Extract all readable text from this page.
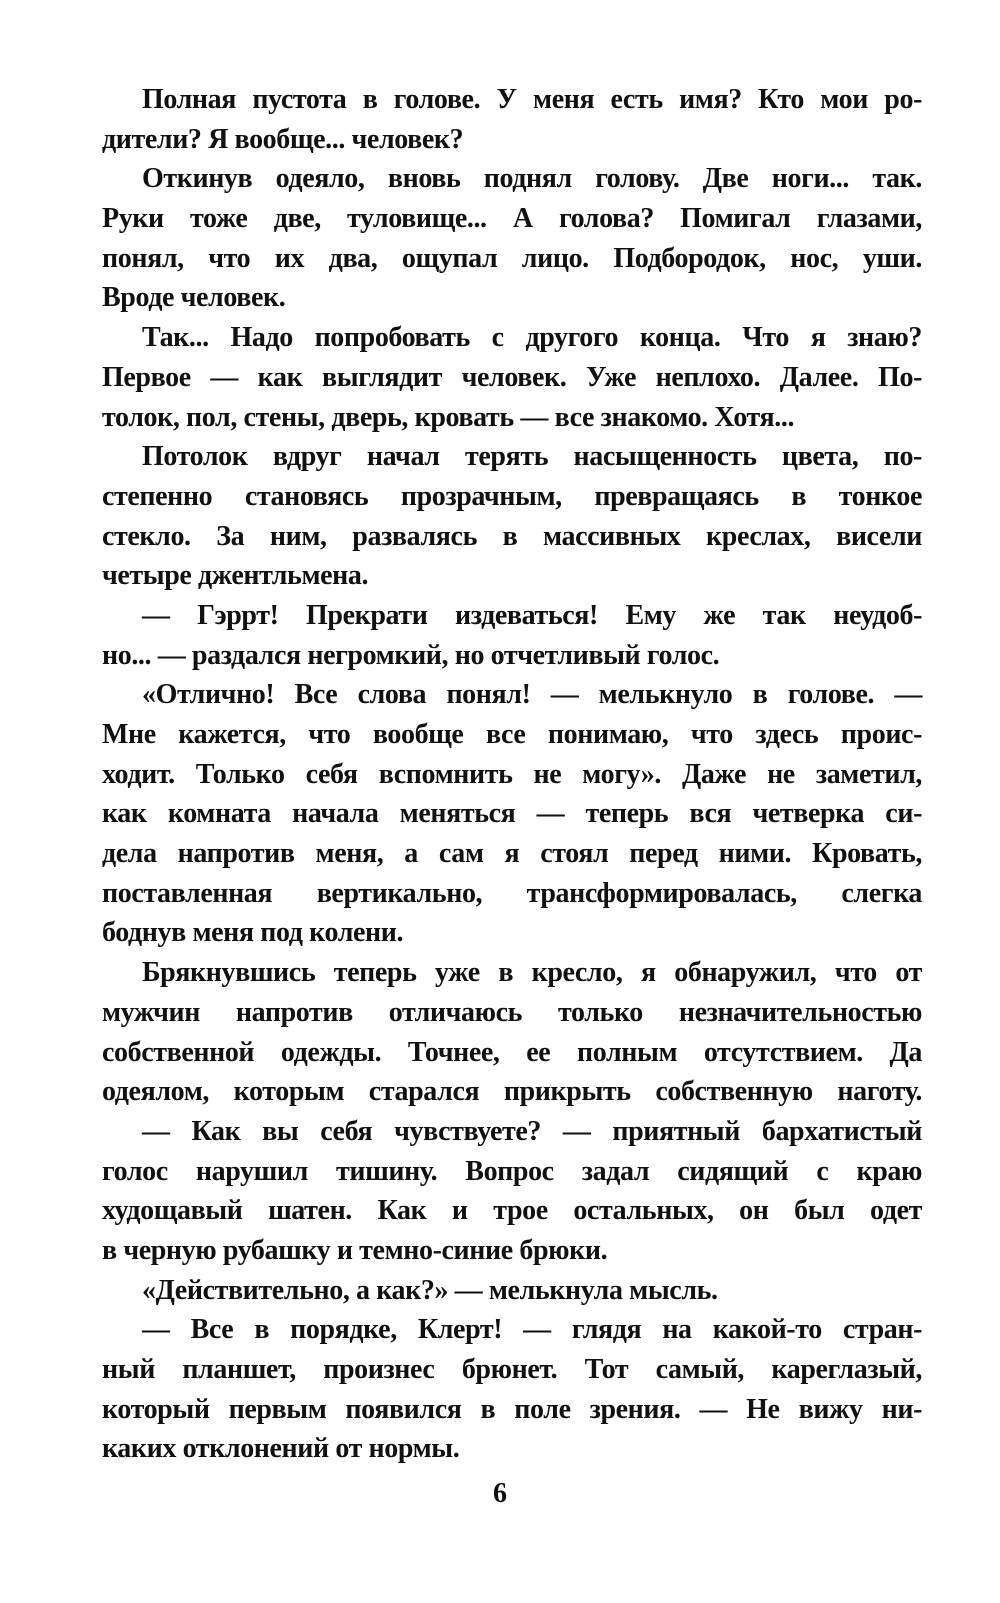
Полная пустота в голове. У меня есть имя? Кто мои ро-
дители? Я вообще... человек?
Откинув одеяло, вновь поднял голову. Две ноги... так.
Руки тоже две, туловище... А голова? Помигал глазами,
понял, что их два, ощупал лицо. Подбородок, нос, уши.
Вроде человек.
Так... Надо попробовать с другого конца. Что я знаю?
Первое — как выглядит человек. Уже неплохо. Далее. По-
толок, пол, стены, дверь, кровать — все знакомо. Хотя...
Потолок вдруг начал терять насыщенность цвета, по-
степенно становясь прозрачным, превращаясь в тонкое
стекло. За ним, развалясь в массивных креслах, висели
четыре джентльмена.
— Гэррт! Прекрати издеваться! Ему же так неудоб-
но... — раздался негромкий, но отчетливый голос.
«Отлично! Все слова понял! — мелькнуло в голове. —
Мне кажется, что вообще все понимаю, что здесь проис-
ходит. Только себя вспомнить не могу». Даже не заметил,
как комната начала меняться — теперь вся четверка си-
дела напротив меня, а сам я стоял перед ними. Кровать,
поставленная вертикально, трансформировалась, слегка
боднув меня под колени.
Брякнувшись теперь уже в кресло, я обнаружил, что от
мужчин напротив отличаюсь только незначительностью
собственной одежды. Точнее, ее полным отсутствием. Да
одеялом, которым старался прикрыть собственную наготу.
— Как вы себя чувствуете? — приятный бархатистый
голос нарушил тишину. Вопрос задал сидящий с краю
худощавый шатен. Как и трое остальных, он был одет
в черную рубашку и темно-синие брюки.
«Действительно, а как?» — мелькнула мысль.
— Все в порядке, Клерт! — глядя на какой-то стран-
ный планшет, произнес брюнет. Тот самый, кареглазый,
который первым появился в поле зрения. — Не вижу ни-
каких отклонений от нормы.
6
